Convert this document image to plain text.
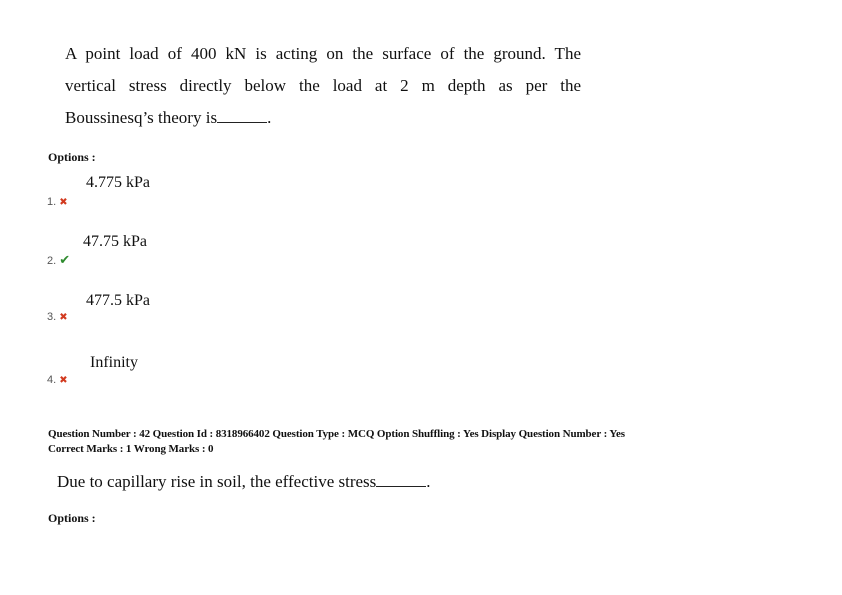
A point load of 400 kN is acting on the surface of the ground. The
vertical stress directly below the load at 2 m depth as per the
Boussinesq’s theory is	.
Options :
4.775 kPa
1. ✖
47.75 kPa
2. ✔
477.5 kPa
3. ✖
Infinity
4. ✖
Question Number : 42 Question Id : 8318966402 Question Type : MCQ Option Shuffling : Yes Display Question Number : Yes
Correct Marks : 1 Wrong Marks : 0
Due to capillary rise in soil, the effective stress	.
Options :
